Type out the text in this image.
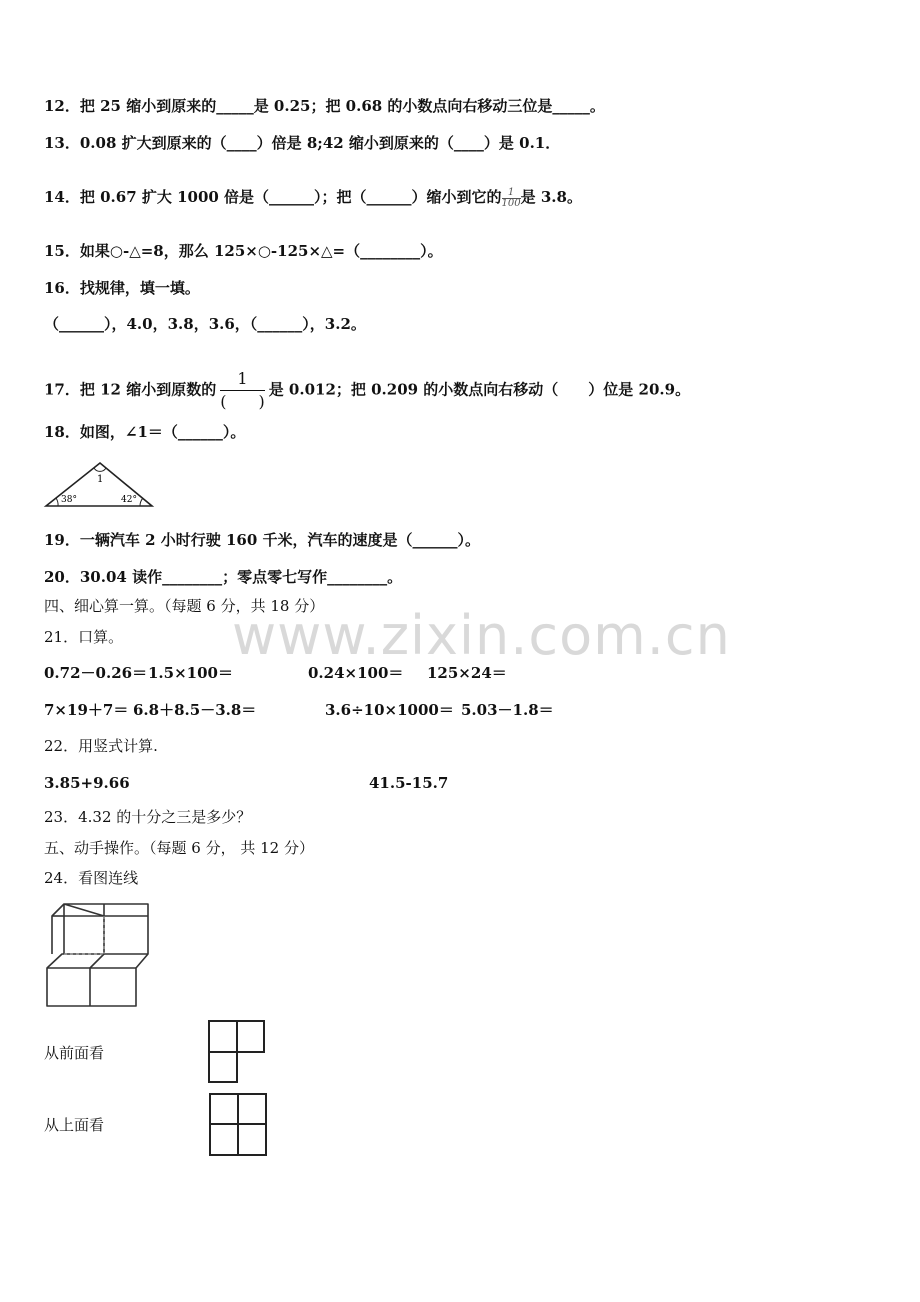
www.zixin.com.cn
12．把 25 缩小到原来的_____是 0.25；把 0.68 的小数点向右移动三位是_____。
13．0.08 扩大到原来的（____）倍是 8;42 缩小到原来的（____）是 0.1．
14．把 0.67 扩大 1000 倍是（______）；把（______）缩小到它的 $\frac{1}{100}$ 是 3.8。
15．如果○-△=8，那么 125×○-125×△=（________）。
16．找规律，填一填。
（______），4.0，3.8，3.6，（______），3.2。
17．把 12 缩小到原数的 $\frac{1}{( )}$ 是 0.012；把 0.209 的小数点向右移动（　　）位是 20.9。
18．如图，∠1＝（______）。
1
38°	42°
19．一辆汽车 2 小时行驶 160 千米，汽车的速度是（______）。
20．30.04 读作________；零点零七写作________。
四、细心算一算。（每题 6 分，共 18 分）
21．口算。
0.72－0.26＝ 1.5×100＝	0.24×100＝ 125×24＝
7×19＋7＝ 6.8＋8.5－3.8＝	3.6÷10×1000＝ 5.03－1.8＝
22．用竖式计算.
3.85+9.66	41.5-15.7
23．4.32 的十分之三是多少？
五、动手操作。（每题 6 分， 共 12 分）
24．看图连线
从前面看
从上面看
